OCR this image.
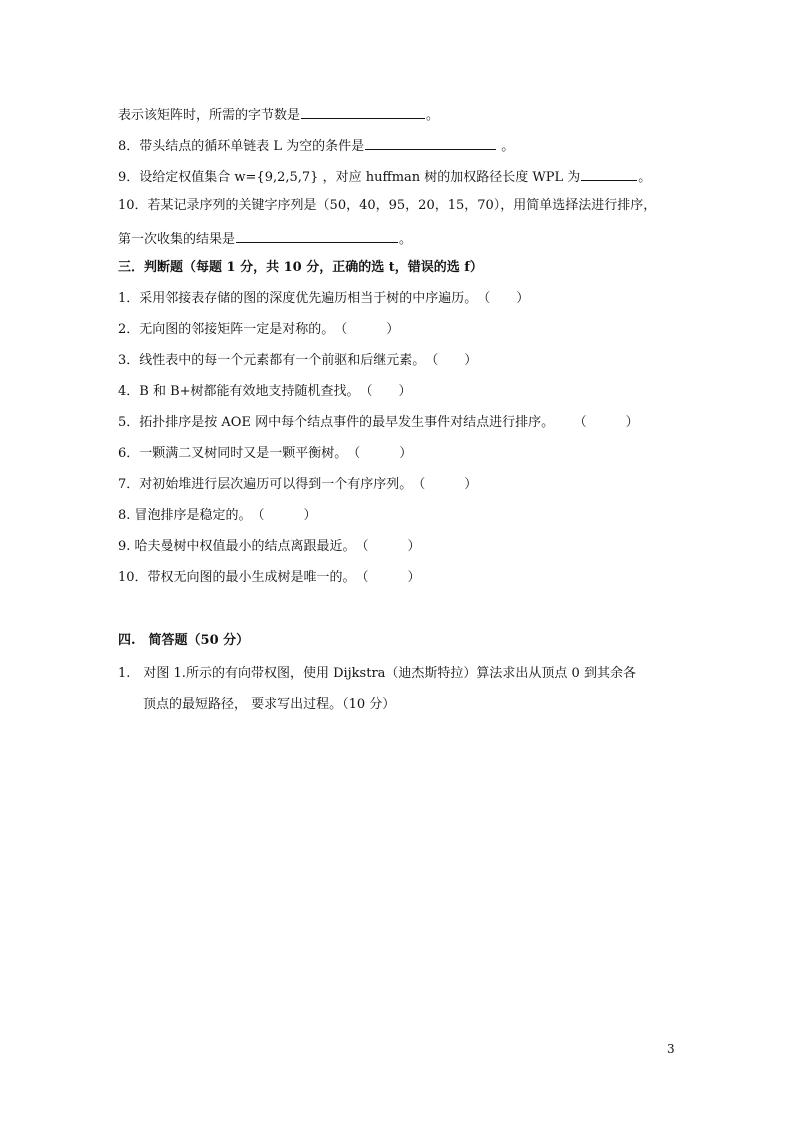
表示该矩阵时，所需的字节数是	。
8．带头结点的循环单链表 L 为空的条件是	。
9．设给定权值集合 w={9,2,5,7} ，对应 huffman 树的加权路径长度 WPL 为	。
10．若某记录序列的关键字序列是（50，40，95，20，15，70），用简单选择法进行排序，
第一次收集的结果是	。
三．判断题（每题 1 分，共 10 分，正确的选 t，错误的选 f）
1．采用邻接表存储的图的深度优先遍历相当于树的中序遍历。（　　）
2．无向图的邻接矩阵一定是对称的。（　　　）
3．线性表中的每一个元素都有一个前驱和后继元素。（　　）
4．B 和 B+树都能有效地支持随机查找。（　　）
5．拓扑排序是按 AOE 网中每个结点事件的最早发生事件对结点进行排序。　　（　　　）
6．一颗满二叉树同时又是一颗平衡树。（　　　）
7．对初始堆进行层次遍历可以得到一个有序序列。（　　　）
8. 冒泡排序是稳定的。（　　　）
9. 哈夫曼树中权值最小的结点离跟最近。（　　　）
10．带权无向图的最小生成树是唯一的。（　　　）
四.　简答题（50 分）
1.　对图 1.所示的有向带权图，使用 Dijkstra（迪杰斯特拉）算法求出从顶点 0 到其余各
顶点的最短路径， 要求写出过程。（10 分）
3
